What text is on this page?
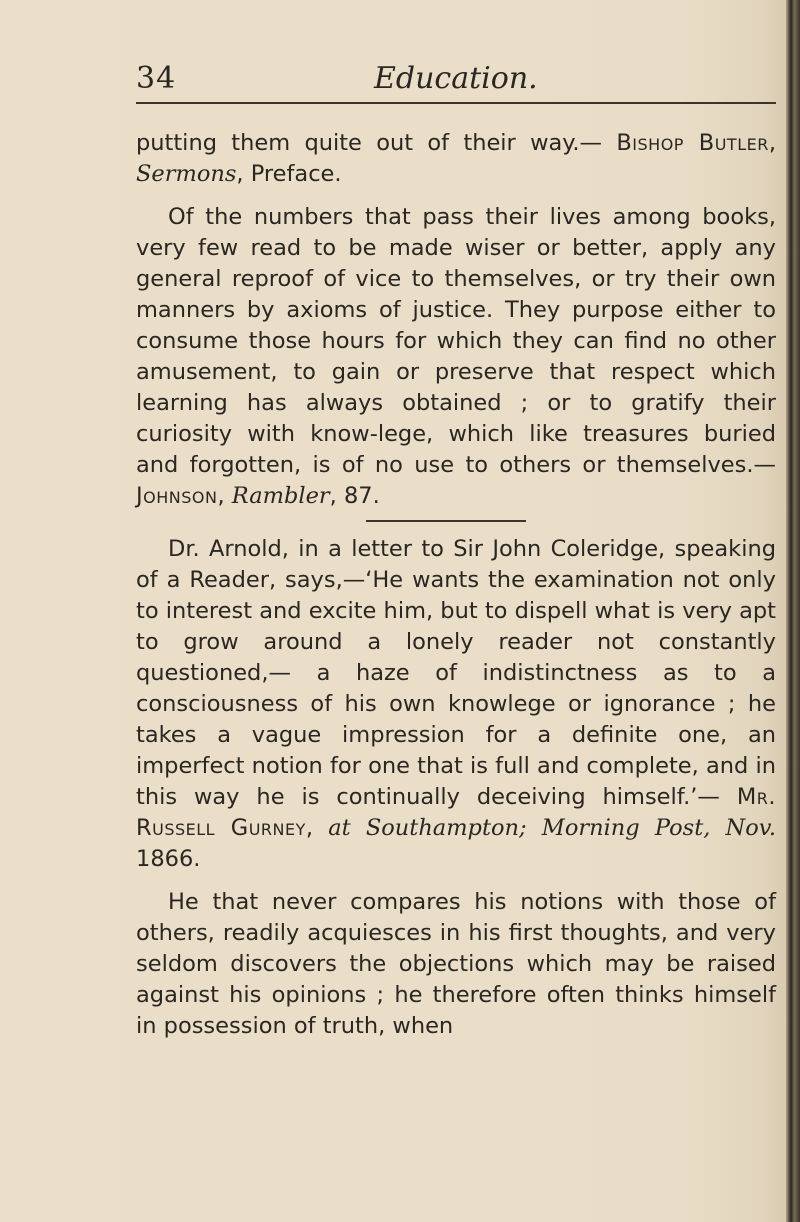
34	Education.

putting them quite out of their way.— Bishop Butler, Sermons, Preface.

Of the numbers that pass their lives among books, very few read to be made wiser or better, apply any general reproof of vice to themselves, or try their own manners by axioms of justice. They purpose either to consume those hours for which they can find no other amusement, to gain or preserve that respect which learning has always obtained ; or to gratify their curiosity with know-lege, which like treasures buried and forgotten, is of no use to others or themselves.— Johnson, Rambler, 87.

Dr. Arnold, in a letter to Sir John Coleridge, speaking of a Reader, says,—‘He wants the examination not only to interest and excite him, but to dispell what is very apt to grow around a lonely reader not constantly questioned,— a haze of indistinctness as to a consciousness of his own knowlege or ignorance ; he takes a vague impression for a definite one, an imperfect notion for one that is full and complete, and in this way he is continually deceiving himself.’— Mr. Russell Gurney, at Southampton; Morning Post, Nov. 1866.

He that never compares his notions with those of others, readily acquiesces in his first thoughts, and very seldom discovers the objections which may be raised against his opinions ; he therefore often thinks himself in possession of truth, when
